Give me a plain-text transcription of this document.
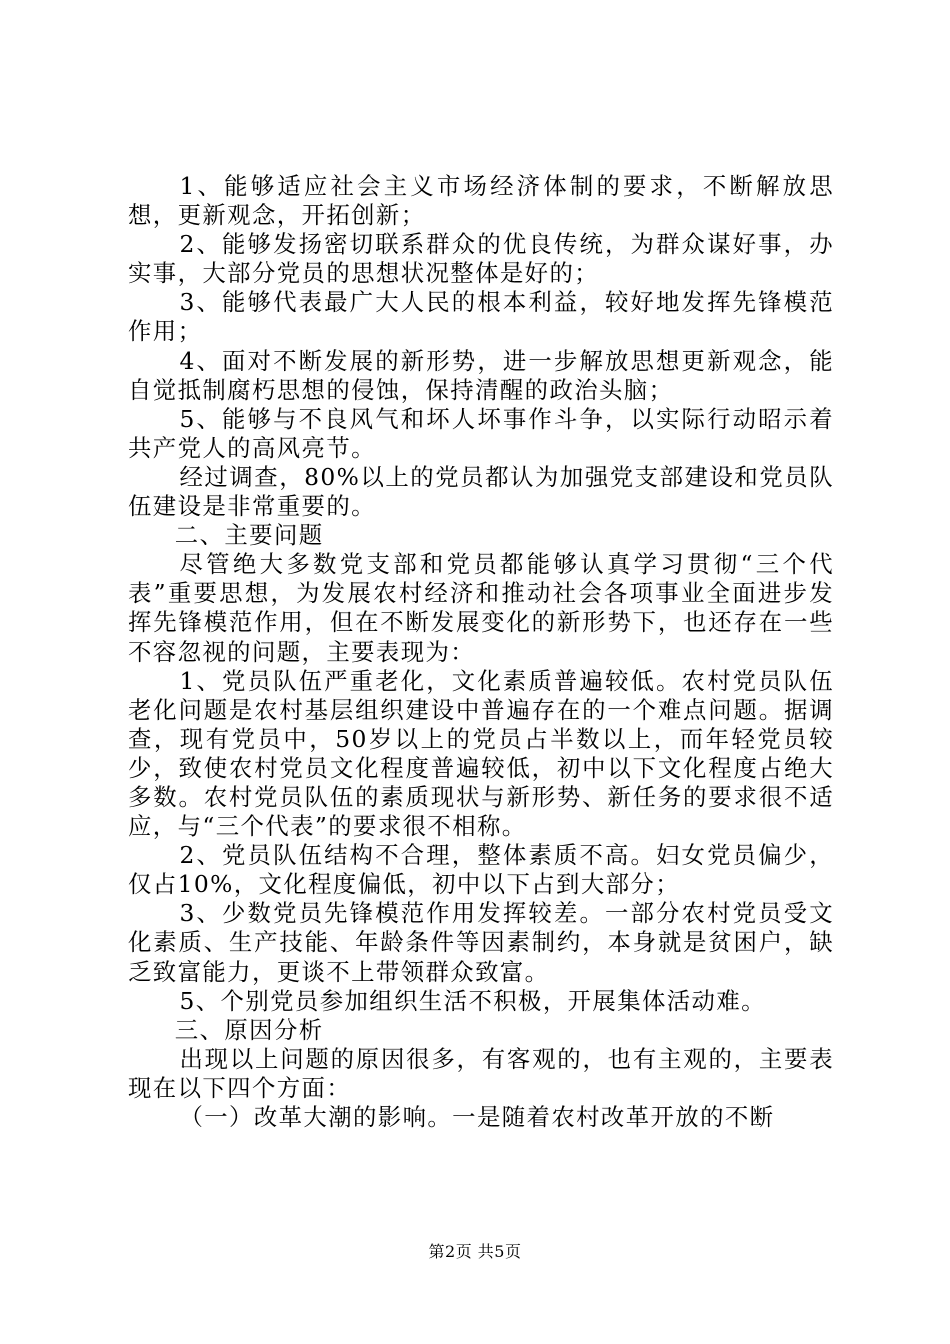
1、能够适应社会主义市场经济体制的要求，不断解放思想，更新观念，开拓创新；

2、能够发扬密切联系群众的优良传统，为群众谋好事，办实事，大部分党员的思想状况整体是好的；

3、能够代表最广大人民的根本利益，较好地发挥先锋模范作用；

4、面对不断发展的新形势，进一步解放思想更新观念，能自觉抵制腐朽思想的侵蚀，保持清醒的政治头脑；

5、能够与不良风气和坏人坏事作斗争，以实际行动昭示着共产党人的高风亮节。

经过调查，80%以上的党员都认为加强党支部建设和党员队伍建设是非常重要的。

二、主要问题

尽管绝大多数党支部和党员都能够认真学习贯彻“三个代表”重要思想，为发展农村经济和推动社会各项事业全面进步发挥先锋模范作用，但在不断发展变化的新形势下，也还存在一些不容忽视的问题，主要表现为：

1、党员队伍严重老化，文化素质普遍较低。农村党员队伍老化问题是农村基层组织建设中普遍存在的一个难点问题。据调查，现有党员中，50岁以上的党员占半数以上，而年轻党员较少，致使农村党员文化程度普遍较低，初中以下文化程度占绝大多数。农村党员队伍的素质现状与新形势、新任务的要求很不适应，与“三个代表”的要求很不相称。

2、党员队伍结构不合理，整体素质不高。妇女党员偏少，仅占10%，文化程度偏低，初中以下占到大部分；

3、少数党员先锋模范作用发挥较差。一部分农村党员受文化素质、生产技能、年龄条件等因素制约，本身就是贫困户，缺乏致富能力，更谈不上带领群众致富。

5、个别党员参加组织生活不积极，开展集体活动难。

三、原因分析

出现以上问题的原因很多，有客观的，也有主观的，主要表现在以下四个方面：

（一）改革大潮的影响。一是随着农村改革开放的不断

第2页 共5页
